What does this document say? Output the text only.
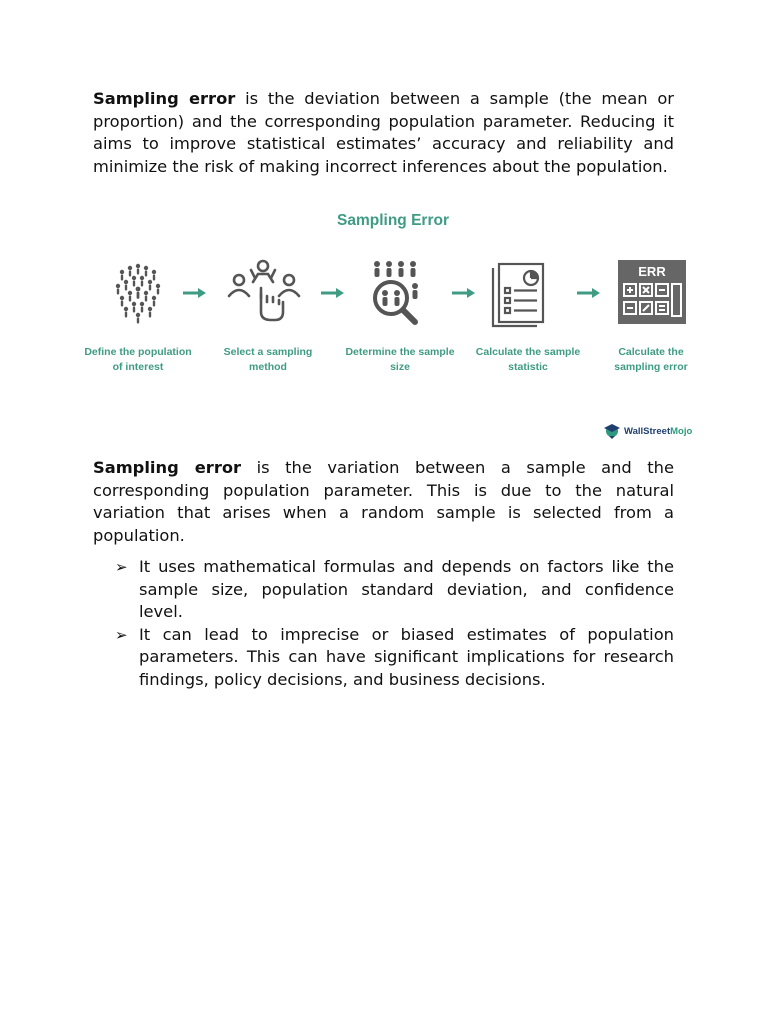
Sampling error is the deviation between a sample (the mean or proportion) and the corresponding population parameter. Reducing it aims to improve statistical estimates’ accuracy and reliability and minimize the risk of making incorrect inferences about the population.

Sampling Error
Define the population of interest
Select a sampling method
Determine the sample size
Calculate the sample statistic
ERR
Calculate the sampling error
WallStreetMojo

Sampling error is the variation between a sample and the corresponding population parameter. This is due to the natural variation that arises when a random sample is selected from a population.

➢ It uses mathematical formulas and depends on factors like the sample size, population standard deviation, and confidence level.
➢ It can lead to imprecise or biased estimates of population parameters. This can have significant implications for research findings, policy decisions, and business decisions.
